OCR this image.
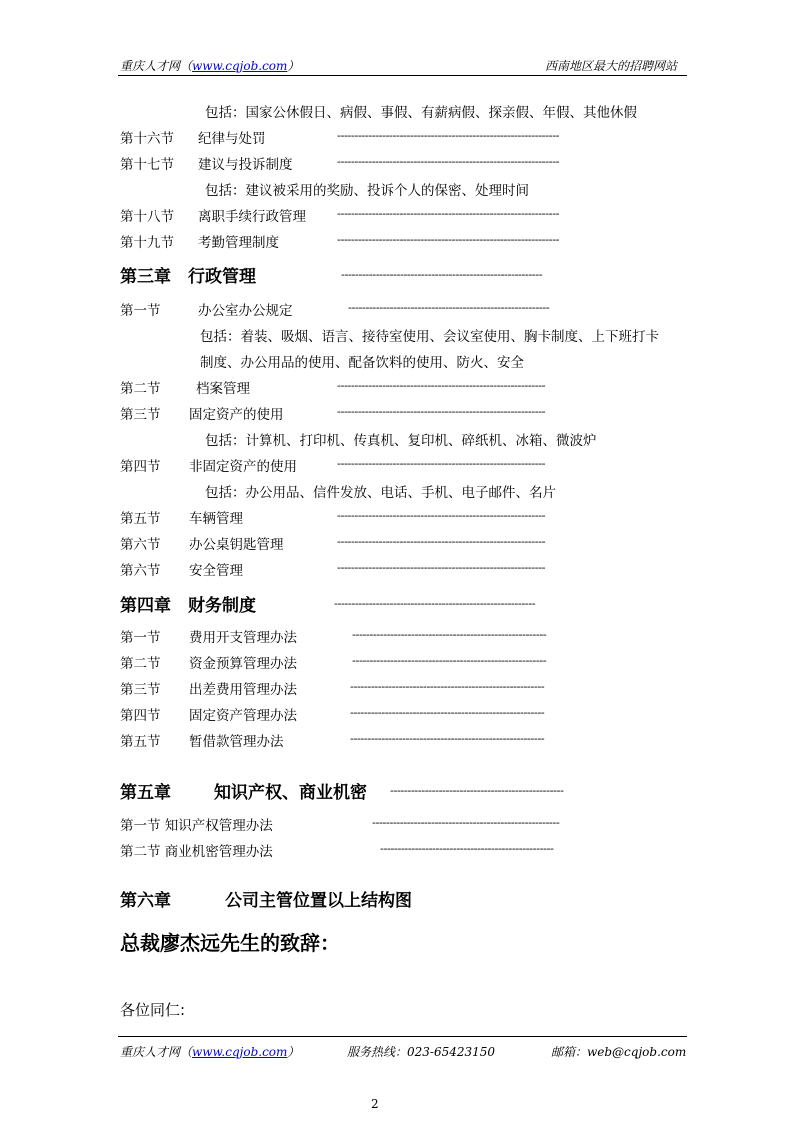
重庆人才网（www.cqjob.com）	西南地区最大的招聘网站
包括：国家公休假日、病假、事假、有薪病假、探亲假、年假、其他休假
第十六节 纪律与处罚	----------------------------------------------------------------
第十七节 建议与投诉制度	----------------------------------------------------------------
包括：建议被采用的奖励、投诉个人的保密、处理时间
第十八节 离职手续行政管理	----------------------------------------------------------------
第十九节 考勤管理制度	----------------------------------------------------------------
第三章　行政管理	----------------------------------------------------------
第一节	办公室办公规定	----------------------------------------------------------
包括：着装、吸烟、语言、接待室使用、会议室使用、胸卡制度、上下班打卡
制度、办公用品的使用、配备饮料的使用、防火、安全
第二节	档案管理	------------------------------------------------------------
第三节 固定资产的使用	------------------------------------------------------------
包括：计算机、打印机、传真机、复印机、碎纸机、冰箱、微波炉
第四节 非固定资产的使用	------------------------------------------------------------
包括：办公用品、信件发放、电话、手机、电子邮件、名片
第五节 车辆管理	------------------------------------------------------------
第六节 办公桌钥匙管理	------------------------------------------------------------
第六节 安全管理	------------------------------------------------------------
第四章　财务制度	----------------------------------------------------------
第一节 费用开支管理办法	--------------------------------------------------------
第二节 资金预算管理办法	--------------------------------------------------------
第三节 出差费用管理办法	--------------------------------------------------------
第四节 固定资产管理办法	--------------------------------------------------------
第五节 暂借款管理办法	--------------------------------------------------------
第五章	知识产权、商业机密 --------------------------------------------------
第一节 知识产权管理办法	------------------------------------------------------
第二节 商业机密管理办法	--------------------------------------------------
第六章	公司主管位置以上结构图
总裁廖杰远先生的致辞：
各位同仁:
重庆人才网（www.cqjob.com）	服务热线：023-65423150	邮箱：web@cqjob.com
2
